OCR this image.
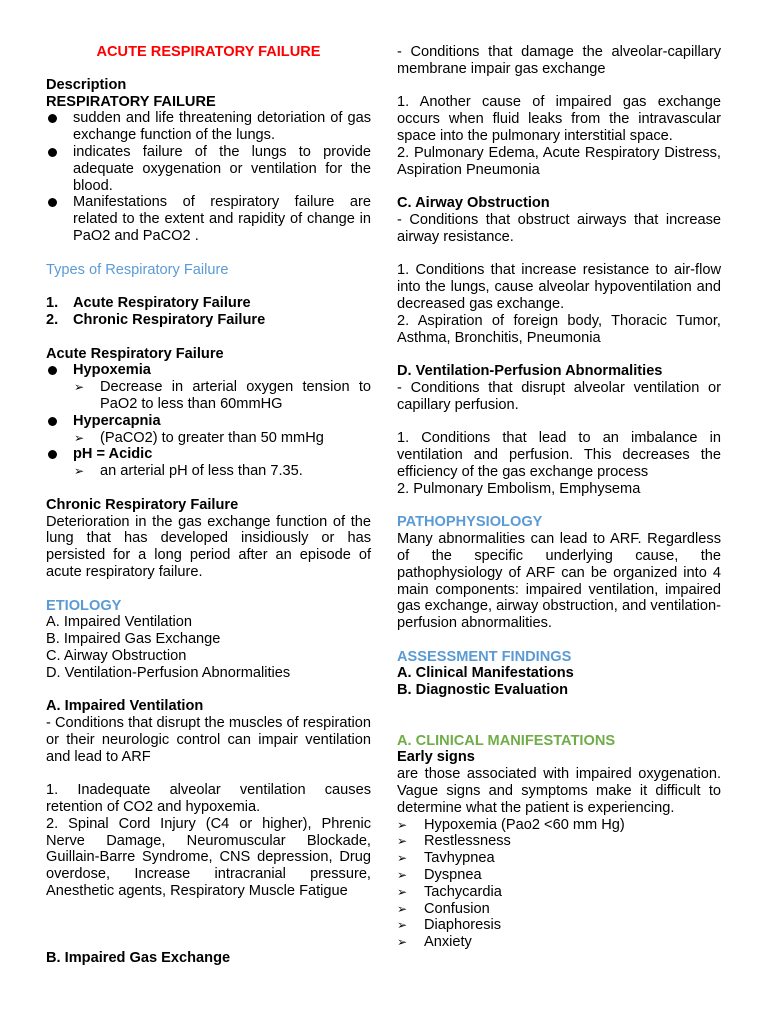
ACUTE RESPIRATORY FAILURE

Description

RESPIRATORY FAILURE

sudden and life threatening detoriation of gas exchange function of the lungs.
indicates failure of the lungs to provide adequate oxygenation or ventilation for the blood.
Manifestations of respiratory failure are related to the extent and rapidity of change in PaO2 and PaCO2 .

Types of Respiratory Failure

1. Acute Respiratory Failure
2. Chronic Respiratory Failure

Acute Respiratory Failure

Hypoxemia
➢ Decrease in arterial oxygen tension to PaO2 to less than 60mmHG
Hypercapnia
➢ (PaCO2) to greater than 50 mmHg
pH = Acidic
➢ an arterial pH of less than 7.35.

Chronic Respiratory Failure

Deterioration in the gas exchange function of the lung that has developed insidiously or has persisted for a long period after an episode of acute respiratory failure.

ETIOLOGY

A. Impaired Ventilation

B. Impaired Gas Exchange

C. Airway Obstruction

D. Ventilation-Perfusion Abnormalities

A. Impaired Ventilation

- Conditions that disrupt the muscles of respiration or their neurologic control can impair ventilation and lead to ARF

1. Inadequate alveolar ventilation causes retention of CO2 and hypoxemia.

2. Spinal Cord Injury (C4 or higher), Phrenic Nerve Damage, Neuromuscular Blockade, Guillain-Barre Syndrome, CNS depression, Drug overdose, Increase intracranial pressure, Anesthetic agents, Respiratory Muscle Fatigue

B. Impaired Gas Exchange

- Conditions that damage the alveolar-capillary membrane impair gas exchange

1. Another cause of impaired gas exchange occurs when fluid leaks from the intravascular space into the pulmonary interstitial space.

2. Pulmonary Edema, Acute Respiratory Distress, Aspiration Pneumonia

C. Airway Obstruction

- Conditions that obstruct airways that increase airway resistance.

1. Conditions that increase resistance to air-flow into the lungs, cause alveolar hypoventilation and decreased gas exchange.

2. Aspiration of foreign body, Thoracic Tumor, Asthma, Bronchitis, Pneumonia

D. Ventilation-Perfusion Abnormalities

- Conditions that disrupt alveolar ventilation or capillary perfusion.

1. Conditions that lead to an imbalance in ventilation and perfusion. This decreases the efficiency of the gas exchange process

2. Pulmonary Embolism, Emphysema

PATHOPHYSIOLOGY

Many abnormalities can lead to ARF. Regardless of the specific underlying cause, the pathophysiology of ARF can be organized into 4 main components: impaired ventilation, impaired gas exchange, airway obstruction, and ventilation-perfusion abnormalities.

ASSESSMENT FINDINGS

A. Clinical Manifestations

B. Diagnostic Evaluation

A. CLINICAL MANIFESTATIONS

Early signs

are those associated with impaired oxygenation. Vague signs and symptoms make it difficult to determine what the patient is experiencing.

➢ Hypoxemia (Pao2 <60 mm Hg)
➢ Restlessness
➢ Tavhypnea
➢ Dyspnea
➢ Tachycardia
➢ Confusion
➢ Diaphoresis
➢ Anxiety
